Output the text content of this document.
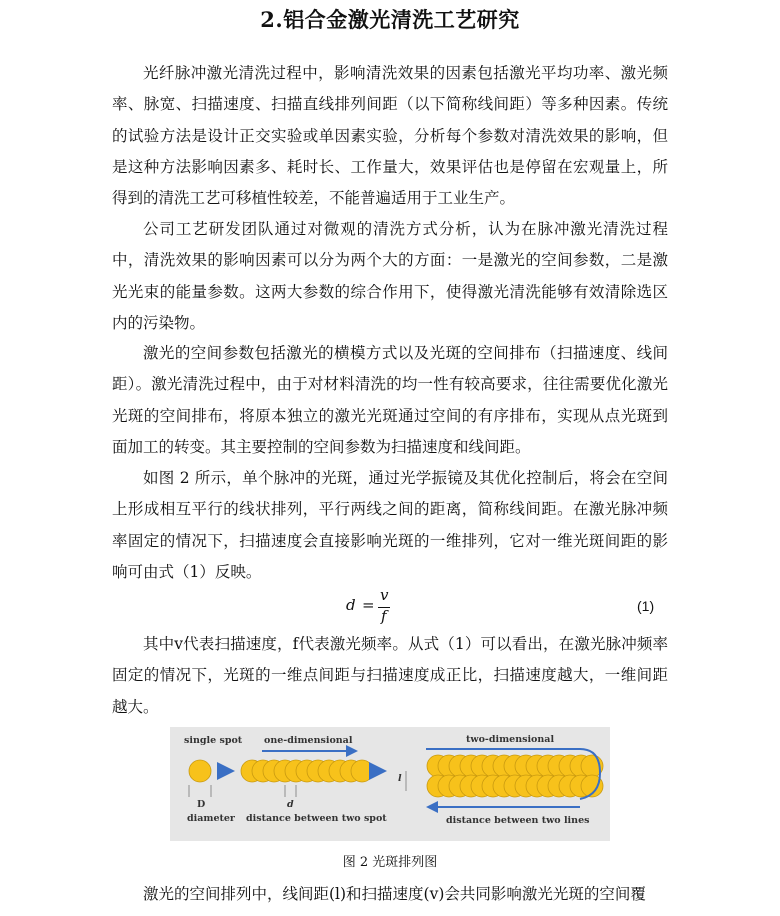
2.铝合金激光清洗工艺研究

光纤脉冲激光清洗过程中，影响清洗效果的因素包括激光平均功率、激光频率、脉宽、扫描速度、扫描直线排列间距（以下简称线间距）等多种因素。传统的试验方法是设计正交实验或单因素实验，分析每个参数对清洗效果的影响，但是这种方法影响因素多、耗时长、工作量大，效果评估也是停留在宏观量上，所得到的清洗工艺可移植性较差，不能普遍适用于工业生产。

公司工艺研发团队通过对微观的清洗方式分析，认为在脉冲激光清洗过程中，清洗效果的影响因素可以分为两个大的方面：一是激光的空间参数，二是激光光束的能量参数。这两大参数的综合作用下，使得激光清洗能够有效清除选区内的污染物。

激光的空间参数包括激光的横模方式以及光斑的空间排布（扫描速度、线间距）。激光清洗过程中，由于对材料清洗的均一性有较高要求，往往需要优化激光光斑的空间排布，将原本独立的激光光斑通过空间的有序排布，实现从点光斑到面加工的转变。其主要控制的空间参数为扫描速度和线间距。

如图 2 所示，单个脉冲的光斑，通过光学振镜及其优化控制后，将会在空间上形成相互平行的线状排列，平行两线之间的距离，简称线间距。在激光脉冲频率固定的情况下，扫描速度会直接影响光斑的一维排列，它对一维光斑间距的影响可由式（1）反映。

d =
v
f
(1)

其中v代表扫描速度，f代表激光频率。从式（1）可以看出，在激光脉冲频率固定的情况下，光斑的一维点间距与扫描速度成正比，扫描速度越大，一维间距越大。

single spot one-dimensional	two-dimensional
D
diameter
d
distance between two spot
l
distance between two lines
图 2 光斑排列图

激光的空间排列中，线间距(l)和扫描速度(v)会共同影响激光光斑的空间覆
